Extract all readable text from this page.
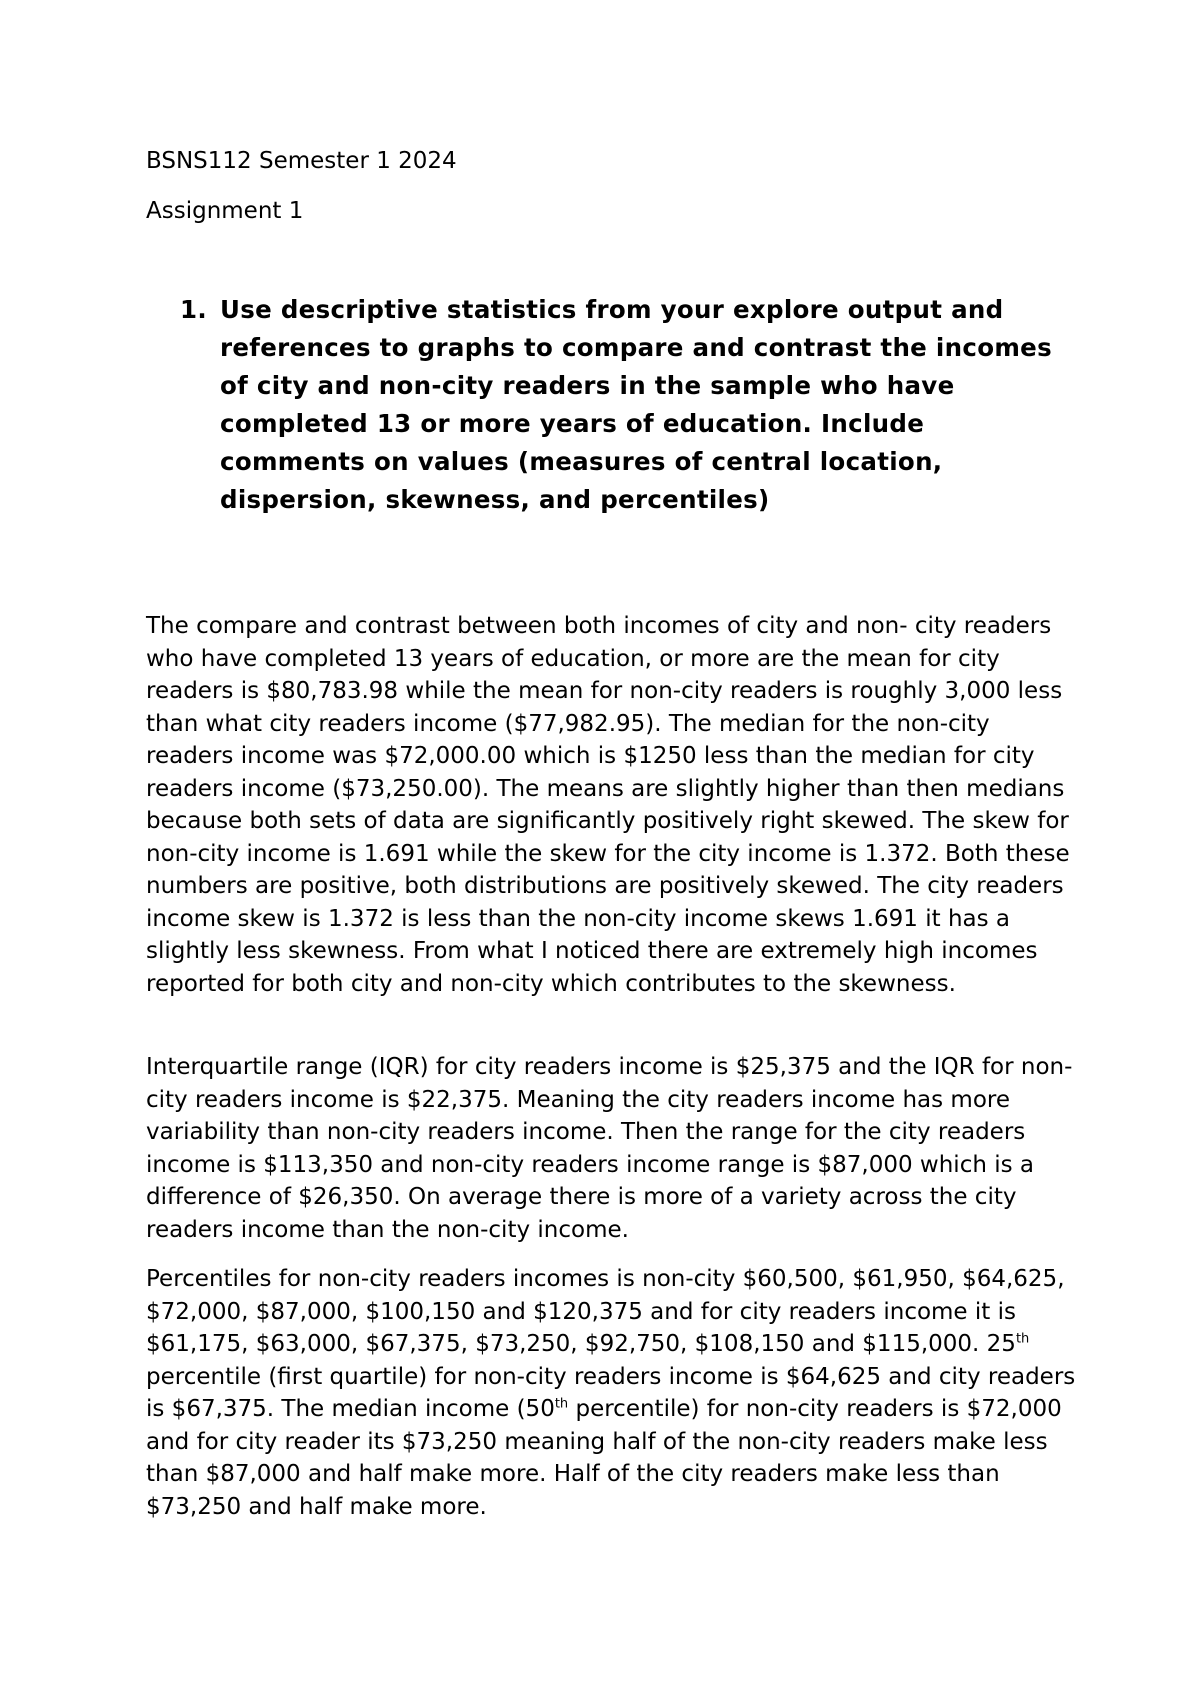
BSNS112 Semester 1 2024

Assignment 1

1. Use descriptive statistics from your explore output and references to graphs to compare and contrast the incomes of city and non-city readers in the sample who have completed 13 or more years of education. Include comments on values (measures of central location, dispersion, skewness, and percentiles)

The compare and contrast between both incomes of city and non- city readers who have completed 13 years of education, or more are the mean for city readers is $80,783.98 while the mean for non-city readers is roughly 3,000 less than what city readers income ($77,982.95). The median for the non-city readers income was $72,000.00 which is $1250 less than the median for city readers income ($73,250.00). The means are slightly higher than then medians because both sets of data are significantly positively right skewed. The skew for non-city income is 1.691 while the skew for the city income is 1.372. Both these numbers are positive, both distributions are positively skewed. The city readers income skew is 1.372 is less than the non-city income skews 1.691 it has a slightly less skewness. From what I noticed there are extremely high incomes reported for both city and non-city which contributes to the skewness.

Interquartile range (IQR) for city readers income is $25,375 and the IQR for non-city readers income is $22,375. Meaning the city readers income has more variability than non-city readers income. Then the range for the city readers income is $113,350 and non-city readers income range is $87,000 which is a difference of $26,350. On average there is more of a variety across the city readers income than the non-city income.

Percentiles for non-city readers incomes is non-city $60,500, $61,950, $64,625, $72,000, $87,000, $100,150 and $120,375 and for city readers income it is $61,175, $63,000, $67,375, $73,250, $92,750, $108,150 and $115,000. 25th percentile (first quartile) for non-city readers income is $64,625 and city readers is $67,375. The median income (50th percentile) for non-city readers is $72,000 and for city reader its $73,250 meaning half of the non-city readers make less than $87,000 and half make more. Half of the city readers make less than $73,250 and half make more.
